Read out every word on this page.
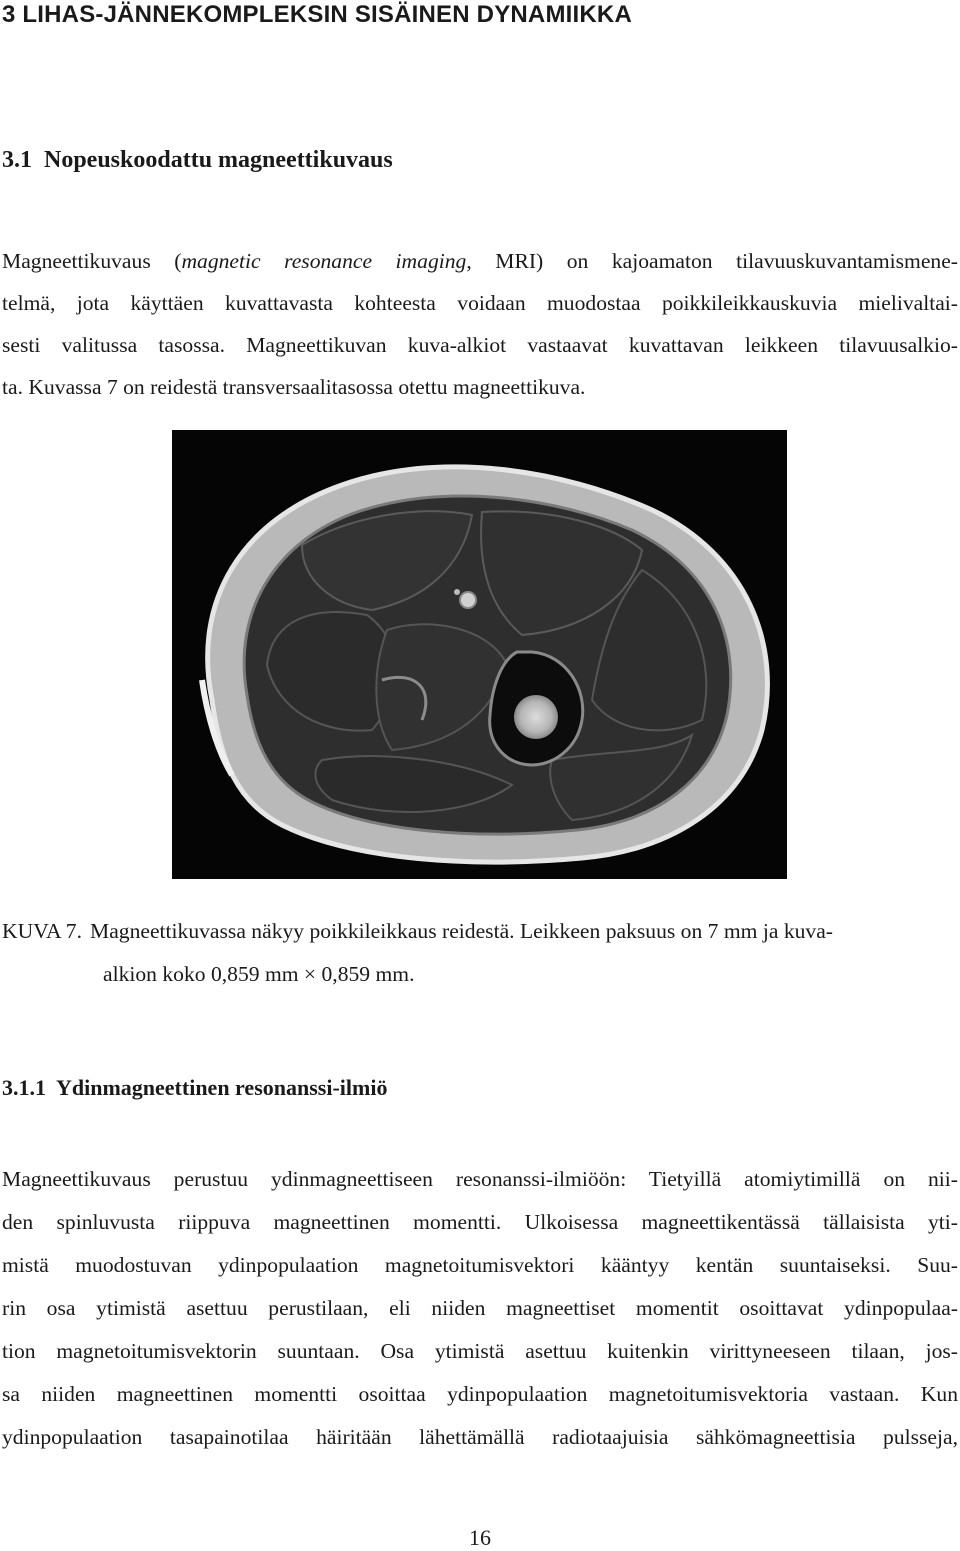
3 LIHAS-JÄNNEKOMPLEKSIN SISÄINEN DYNAMIIKKA
3.1 Nopeuskoodattu magneettikuvaus
Magneettikuvaus (magnetic resonance imaging, MRI) on kajoamaton tilavuuskuvantamismene-
telmä, jota käyttäen kuvattavasta kohteesta voidaan muodostaa poikkileikkauskuvia mielivaltai-
sesti valitussa tasossa. Magneettikuvan kuva-alkiot vastaavat kuvattavan leikkeen tilavuusalkio-
ta. Kuvassa 7 on reidestä transversaalitasossa otettu magneettikuva.
KUVA 7. Magneettikuvassa näkyy poikkileikkaus reidestä. Leikkeen paksuus on 7 mm ja kuva-
alkion koko 0,859 mm × 0,859 mm.
3.1.1 Ydinmagneettinen resonanssi-ilmiö
Magneettikuvaus perustuu ydinmagneettiseen resonanssi-ilmiöön: Tietyillä atomiytimillä on nii-
den spinluvusta riippuva magneettinen momentti. Ulkoisessa magneettikentässä tällaisista yti-
mistä muodostuvan ydinpopulaation magnetoitumisvektori kääntyy kentän suuntaiseksi. Suu-
rin osa ytimistä asettuu perustilaan, eli niiden magneettiset momentit osoittavat ydinpopulaa-
tion magnetoitumisvektorin suuntaan. Osa ytimistä asettuu kuitenkin virittyneeseen tilaan, jos-
sa niiden magneettinen momentti osoittaa ydinpopulaation magnetoitumisvektoria vastaan. Kun
ydinpopulaation tasapainotilaa häiritään lähettämällä radiotaajuisia sähkömagneettisia pulsseja,
16
